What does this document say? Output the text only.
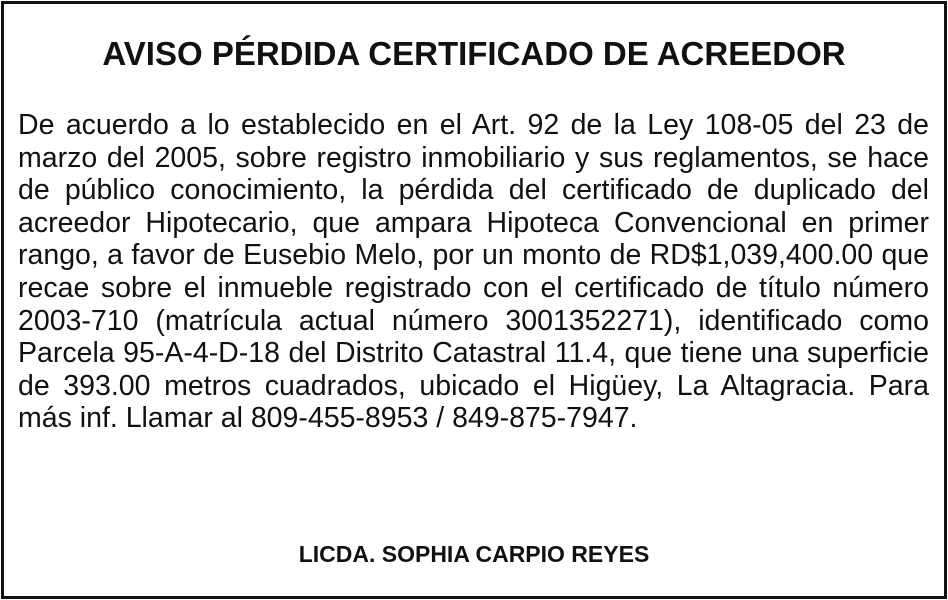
AVISO PÉRDIDA CERTIFICADO DE ACREEDOR
De acuerdo a lo establecido en el Art. 92 de la Ley 108-05 del 23 de marzo del 2005, sobre registro inmobiliario y sus reglamentos, se hace de público conocimiento, la pérdida del certificado de duplicado del acreedor Hipotecario, que ampara Hipoteca Convencional en primer rango, a favor de Eusebio Melo, por un monto de RD$1,039,400.00 que recae sobre el inmueble registrado con el certificado de título número 2003-710 (matrícula actual número 3001352271), identificado como Parcela 95-A-4-D-18 del Distrito Catastral 11.4, que tiene una superficie de 393.00 metros cuadrados, ubicado el Higüey, La Altagracia. Para más inf. Llamar al 809-455-8953 / 849-875-7947.
LICDA. SOPHIA CARPIO REYES
